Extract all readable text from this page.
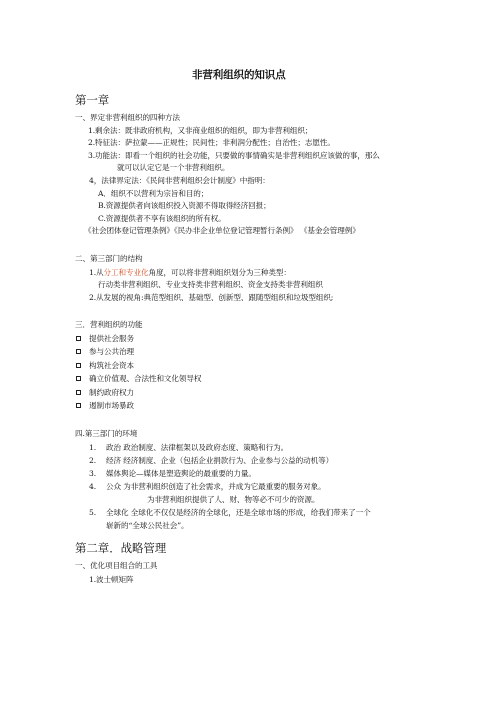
非营利组织的知识点
第一章
一、界定非营利组织的四种方法
1.剩余法：既非政府机构，又非商业组织的组织，即为非营利组织；
2.特征法：萨拉蒙——正规性；民间性；非利润分配性；自治性；志愿性。
3.功能法：即看一个组织的社会功能，只要做的事情确实是非营利组织应该做的事，那么
就可以认定它是一个非营利组织。
4，法律界定法：《民间非营利组织会计制度》中指明：
A．组织不以营利为宗旨和目的；
B.资源提供者向该组织投入资源不得取得经济回报；
C.资源提供者不享有该组织的所有权。
《社会团体登记管理条例》《民办非企业单位登记管理暂行条例》 《基金会管理例》
二、第三部门的结构
1.从分工和专业化角度，可以将非营利组织划分为三种类型：
行动类非营利组织、专业支持类非营利组织、资金支持类非营利组织
2.从发展的视角:典范型组织、基础型、创新型、跟随型组织和垃圾型组织;
三．营利组织的功能
提供社会服务
参与公共治理
构筑社会资本
确立价值观、合法性和文化领导权
制约政府权力
遏制市场暴政
四.第三部门的环境
1. 政治 政治制度、法律框架以及政府态度、策略和行为。
2. 经济 经济制度、企业（包括企业捐款行为、企业参与公益的动机等）
3. 媒体舆论—媒体是塑造舆论的最重要的力量。
4. 公众 为非营利组织创造了社会需求，并成为它最重要的服务对象。
为非营利组织提供了人、财、物等必不可少的资源。
5. 全球化 全球化不仅仅是经济的全球化，还是全球市场的形成，给我们带来了一个
崭新的“全球公民社会”。
第二章．战略管理
一、优化项目组合的工具
1.波士顿矩阵
